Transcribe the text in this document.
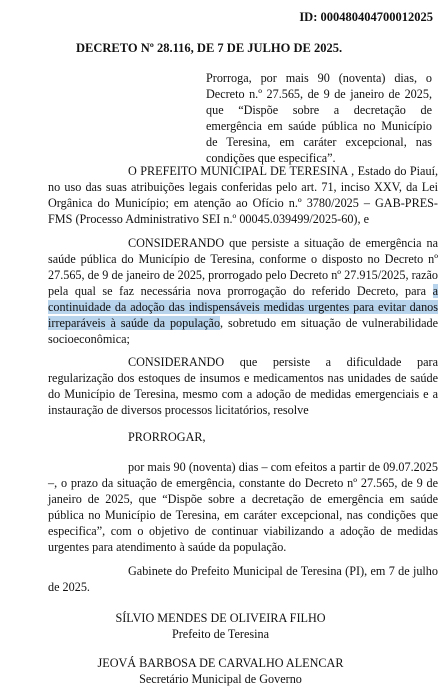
ID: 000480404700012025
DECRETO Nº 28.116, DE 7 DE JULHO DE 2025.
Prorroga, por mais 90 (noventa) dias, o Decreto n.º 27.565, de 9 de janeiro de 2025, que “Dispõe sobre a decretação de emergência em saúde pública no Município de Teresina, em caráter excepcional, nas condições que especifica”.
O PREFEITO MUNICIPAL DE TERESINA , Estado do Piauí, no uso das suas atribuições legais conferidas pelo art. 71, inciso XXV, da Lei Orgânica do Município; em atenção ao Ofício n.º 3780/2025 – GAB-PRES-FMS (Processo Administrativo SEI n.º 00045.039499/2025-60), e
CONSIDERANDO que persiste a situação de emergência na saúde pública do Município de Teresina, conforme o disposto no Decreto nº 27.565, de 9 de janeiro de 2025, prorrogado pelo Decreto nº 27.915/2025, razão pela qual se faz necessária nova prorrogação do referido Decreto, para a continuidade da adoção das indispensáveis medidas urgentes para evitar danos irreparáveis à saúde da população, sobretudo em situação de vulnerabilidade socioeconômica;
CONSIDERANDO que persiste a dificuldade para regularização dos estoques de insumos e medicamentos nas unidades de saúde do Município de Teresina, mesmo com a adoção de medidas emergenciais e a instauração de diversos processos licitatórios, resolve
PRORROGAR,
por mais 90 (noventa) dias – com efeitos a partir de 09.07.2025 –, o prazo da situação de emergência, constante do Decreto nº 27.565, de 9 de janeiro de 2025, que “Dispõe sobre a decretação de emergência em saúde pública no Município de Teresina, em caráter excepcional, nas condições que especifica”, com o objetivo de continuar viabilizando a adoção de medidas urgentes para atendimento à saúde da população.
Gabinete do Prefeito Municipal de Teresina (PI), em 7 de julho de 2025.
SÍLVIO MENDES DE OLIVEIRA FILHO
Prefeito de Teresina
JEOVÁ BARBOSA DE CARVALHO ALENCAR
Secretário Municipal de Governo
